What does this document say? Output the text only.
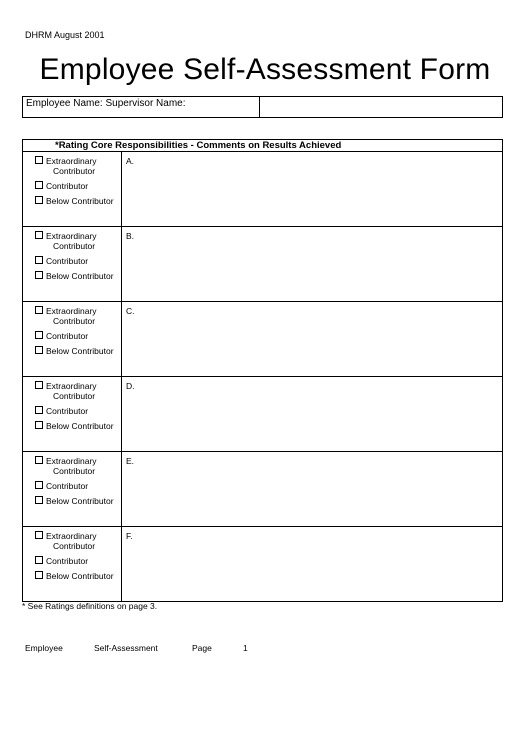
DHRM August 2001
Employee Self-Assessment Form
Employee Name: Supervisor Name:
*Rating Core Responsibilities - Comments on Results Achieved
Extraordinary
Contributor
Contributor
Below Contributor
A.
Extraordinary
Contributor
Contributor
Below Contributor
B.
Extraordinary
Contributor
Contributor
Below Contributor
C.
Extraordinary
Contributor
Contributor
Below Contributor
D.
Extraordinary
Contributor
Contributor
Below Contributor
E.
Extraordinary
Contributor
Contributor
Below Contributor
F.
* See Ratings definitions on page 3.
Employee	Self-Assessment	Page	1
